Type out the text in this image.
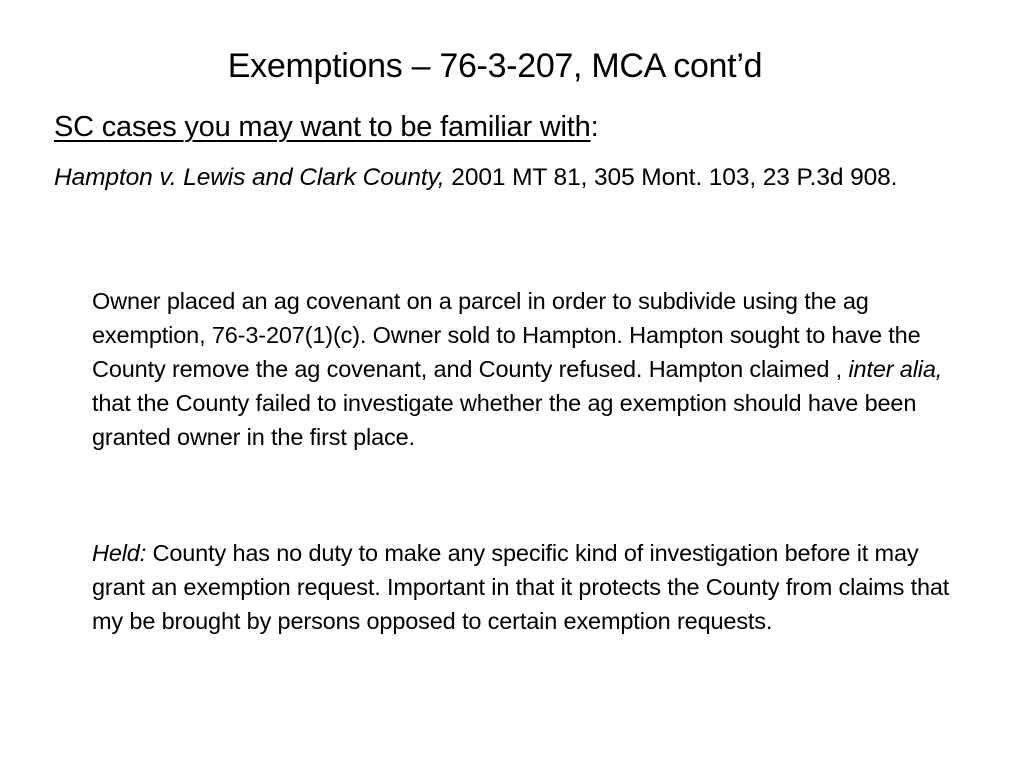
Exemptions – 76-3-207, MCA cont’d
SC cases you may want to be familiar with:
Hampton v. Lewis and Clark County, 2001 MT 81, 305 Mont. 103, 23 P.3d 908.
Owner placed an ag covenant on a parcel in order to subdivide using the ag exemption, 76-3-207(1)(c). Owner sold to Hampton. Hampton sought to have the County remove the ag covenant, and County refused. Hampton claimed , inter alia, that the County failed to investigate whether the ag exemption should have been granted owner in the first place.
Held: County has no duty to make any specific kind of investigation before it may grant an exemption request. Important in that it protects the County from claims that my be brought by persons opposed to certain exemption requests.
